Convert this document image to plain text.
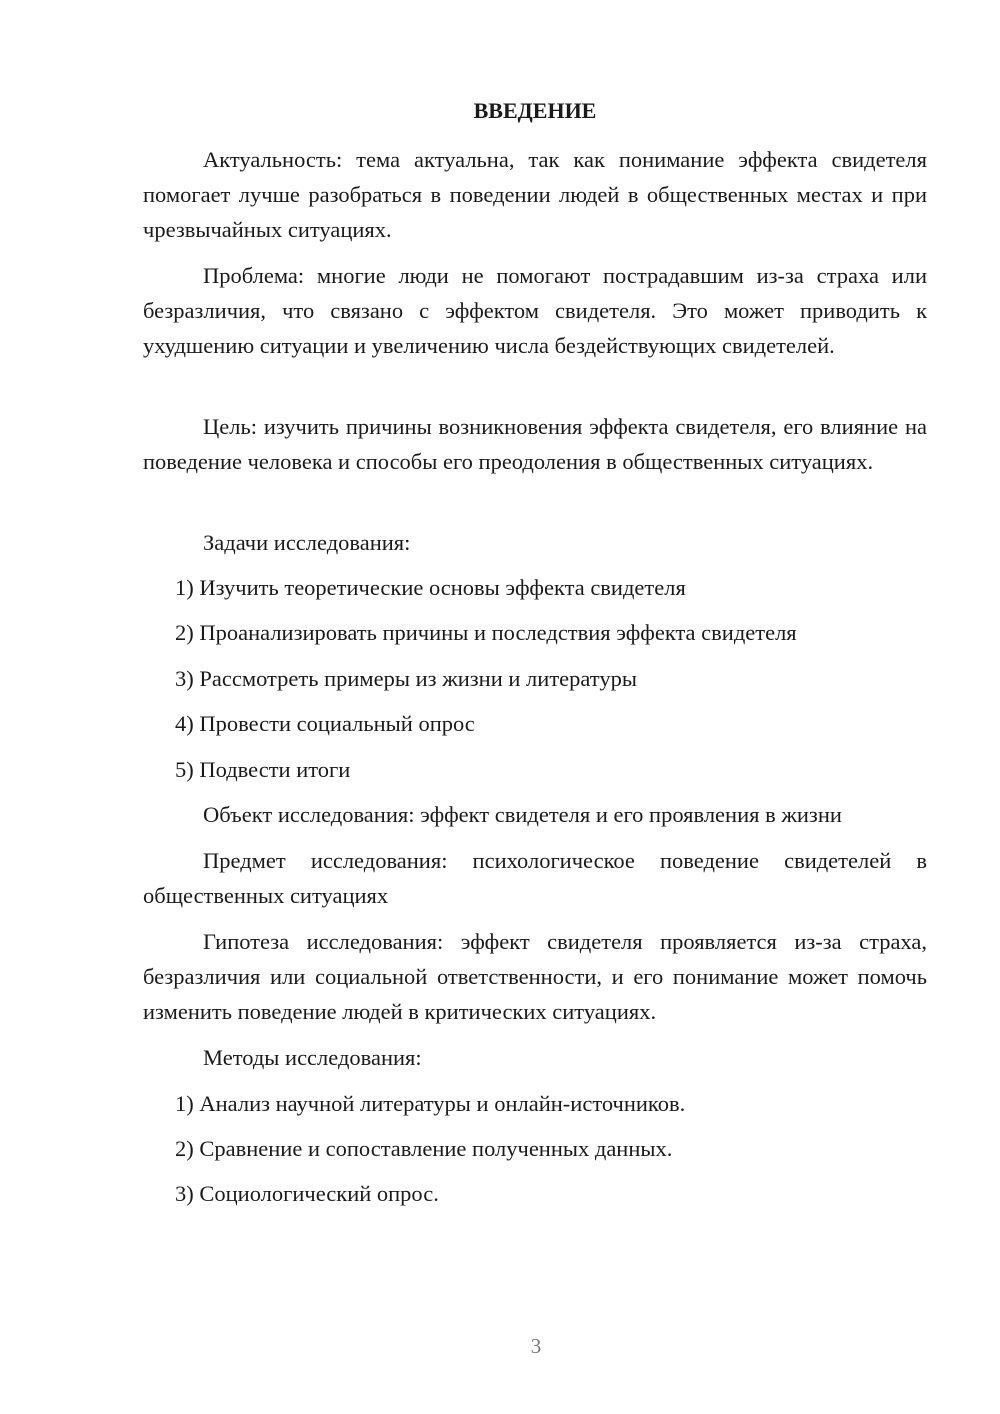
ВВЕДЕНИЕ

Актуальность: тема актуальна, так как понимание эффекта свидетеля помогает лучше разобраться в поведении людей в общественных местах и при чрезвычайных ситуациях.

Проблема: многие люди не помогают пострадавшим из-за страха или безразличия, что связано с эффектом свидетеля. Это может приводить к ухудшению ситуации и увеличению числа бездействующих свидетелей.

Цель: изучить причины возникновения эффекта свидетеля, его влияние на поведение человека и способы его преодоления в общественных ситуациях.

Задачи исследования:

1) Изучить теоретические основы эффекта свидетеля

2) Проанализировать причины и последствия эффекта свидетеля

3) Рассмотреть примеры из жизни и литературы

4) Провести социальный опрос

5) Подвести итоги

Объект исследования: эффект свидетеля и его проявления в жизни

Предмет исследования: психологическое поведение свидетелей в общественных ситуациях

Гипотеза исследования: эффект свидетеля проявляется из-за страха, безразличия или социальной ответственности, и его понимание может помочь изменить поведение людей в критических ситуациях.

Методы исследования:

1) Анализ научной литературы и онлайн-источников.

2) Сравнение и сопоставление полученных данных.

3) Социологический опрос.

3
